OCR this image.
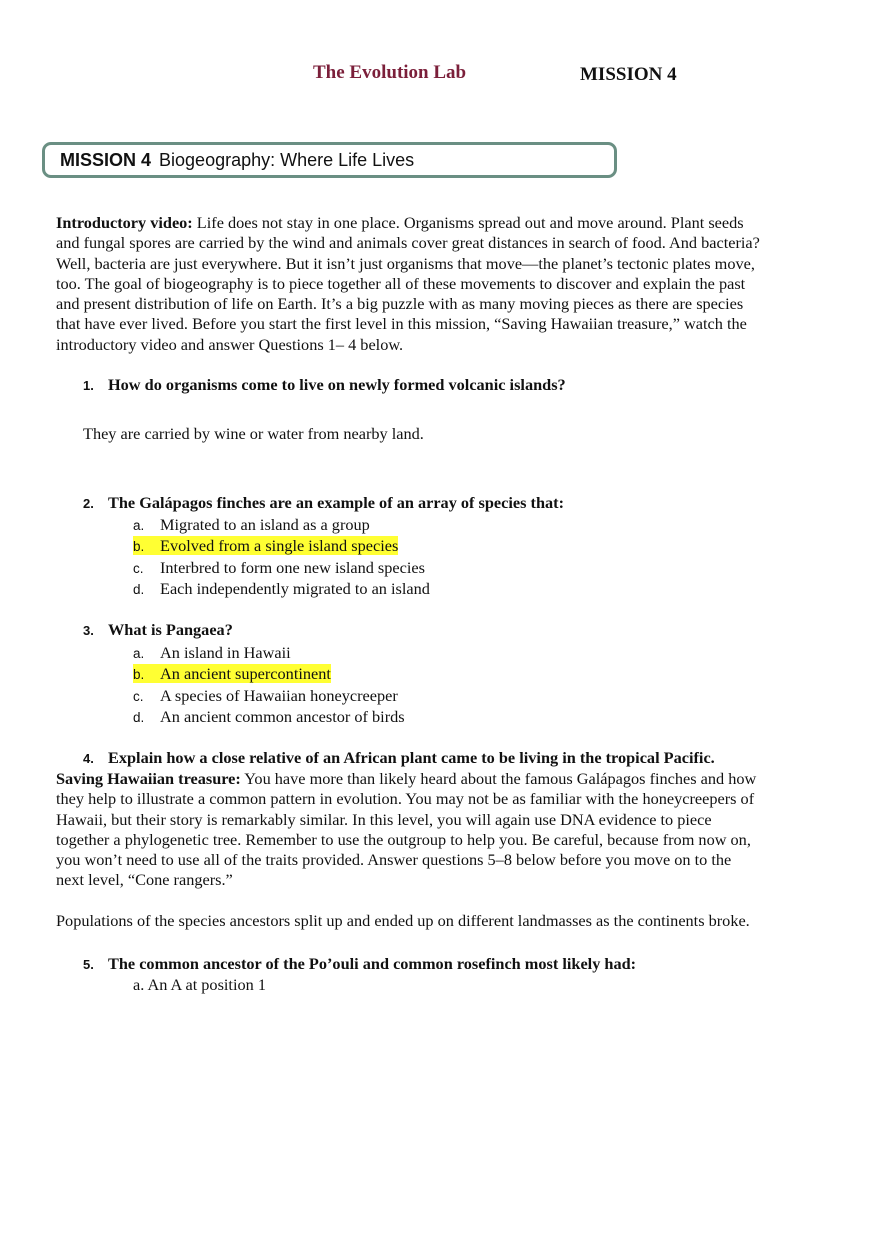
The Evolution Lab	MISSION 4
MISSION 4 Biogeography: Where Life Lives
Introductory video: Life does not stay in one place. Organisms spread out and move around. Plant seeds
and fungal spores are carried by the wind and animals cover great distances in search of food. And bacteria?
Well, bacteria are just everywhere. But it isn’t just organisms that move—the planet’s tectonic plates move,
too. The goal of biogeography is to piece together all of these movements to discover and explain the past
and present distribution of life on Earth. It’s a big puzzle with as many moving pieces as there are species
that have ever lived. Before you start the first level in this mission, “Saving Hawaiian treasure,” watch the
introductory video and answer Questions 1– 4 below.
1. How do organisms come to live on newly formed volcanic islands?
They are carried by wine or water from nearby land.
2. The Galápagos finches are an example of an array of species that:
a. Migrated to an island as a group
b. Evolved from a single island species
c. Interbred to form one new island species
d. Each independently migrated to an island
3. What is Pangaea?
a. An island in Hawaii
b. An ancient supercontinent
c. A species of Hawaiian honeycreeper
d. An ancient common ancestor of birds
4. Explain how a close relative of an African plant came to be living in the tropical Pacific.
Saving Hawaiian treasure: You have more than likely heard about the famous Galápagos finches and how
they help to illustrate a common pattern in evolution. You may not be as familiar with the honeycreepers of
Hawaii, but their story is remarkably similar. In this level, you will again use DNA evidence to piece
together a phylogenetic tree. Remember to use the outgroup to help you. Be careful, because from now on,
you won’t need to use all of the traits provided. Answer questions 5–8 below before you move on to the
next level, “Cone rangers.”
Populations of the species ancestors split up and ended up on different landmasses as the continents broke.
5. The common ancestor of the Po’ouli and common rosefinch most likely had:
a. An A at position 1
